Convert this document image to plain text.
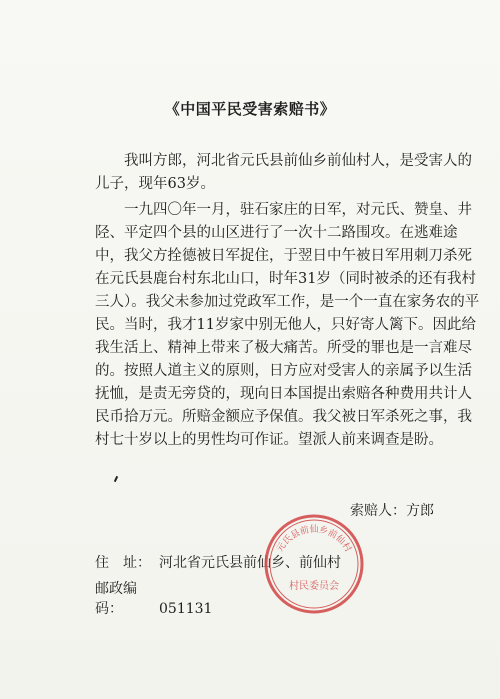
《中国平民受害索赔书》

我叫方郎，河北省元氏县前仙乡前仙村人，是受害人的儿子，现年63岁。

一九四〇年一月，驻石家庄的日军，对元氏、赞皇、井陉、平定四个县的山区进行了一次十二路围攻。在逃难途中，我父方拴德被日军捉住，于翌日中午被日军用刺刀杀死在元氏县鹿台村东北山口，时年31岁（同时被杀的还有我村三人）。我父未参加过党政军工作，是一个一直在家务农的平民。当时，我才11岁家中别无他人，只好寄人篱下。因此给我生活上、精神上带来了极大痛苦。所受的罪也是一言难尽的。 按照人道主义的原则，日方应对受害人的亲属予以生活抚恤，是责无旁贷的，现向日本国提出索赔各种费用共计人民币拾万元。所赔金额应予保值。我父被日军杀死之事，我村七十岁以上的男性均可作证。望派人前来调查是盼。

索赔人：方郎
住　址： 河北省元氏县前仙乡、前仙村
邮政编码：	051131
元氏县前仙乡前仙村
村民委员会
